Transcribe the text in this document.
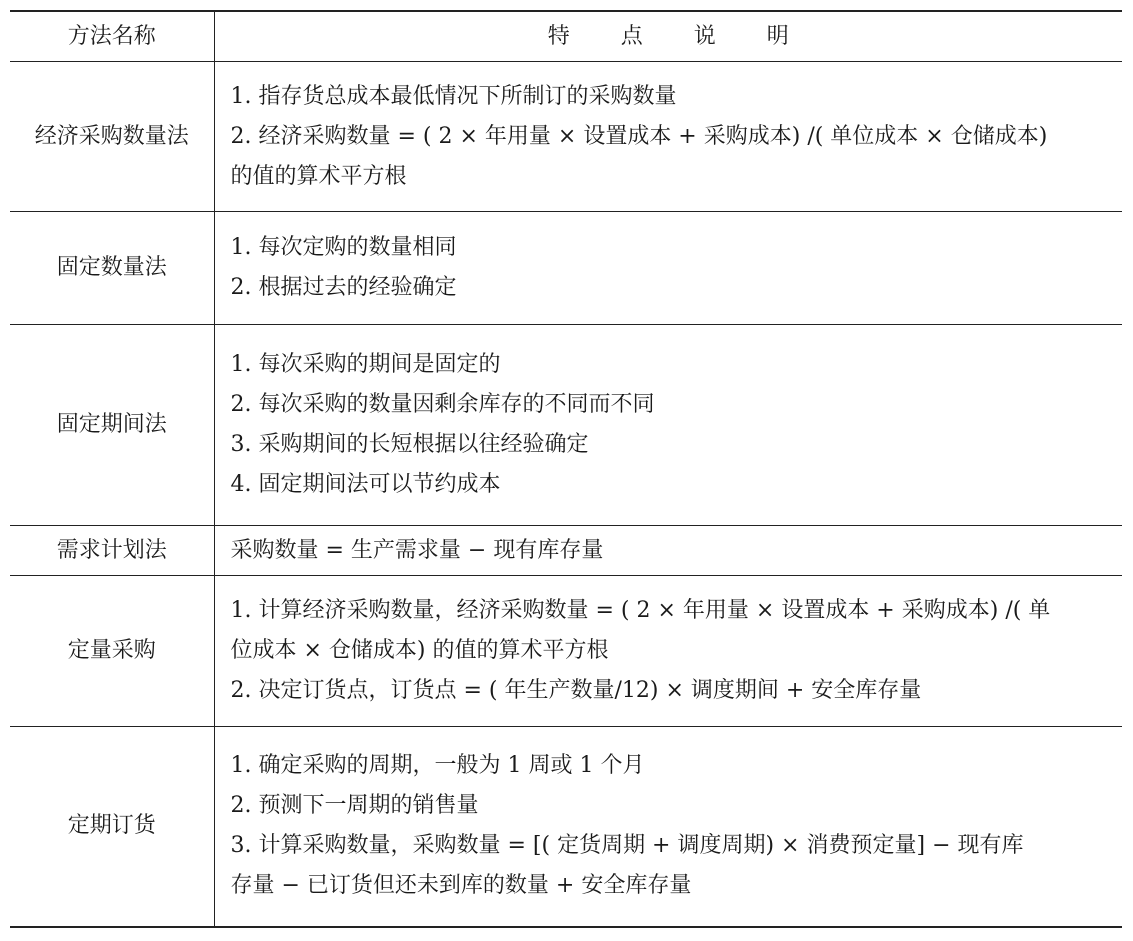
方法名称	特 点 说 明
经济采购数量法	1. 指存货总成本最低情况下所制订的采购数量
2. 经济采购数量 = ( 2 × 年用量 × 设置成本 + 采购成本) /( 单位成本 × 仓储成本)
的值的算术平方根

固定数量法	1. 每次定购的数量相同
2. 根据过去的经验确定

固定期间法	1. 每次采购的期间是固定的
2. 每次采购的数量因剩余库存的不同而不同
3. 采购期间的长短根据以往经验确定
4. 固定期间法可以节约成本

需求计划法	采购数量 = 生产需求量 − 现有库存量

定量采购	1. 计算经济采购数量，经济采购数量 = ( 2 × 年用量 × 设置成本 + 采购成本) /( 单
位成本 × 仓储成本) 的值的算术平方根
2. 决定订货点，订货点 = ( 年生产数量/12) × 调度期间 + 安全库存量

定期订货	1. 确定采购的周期，一般为 1 周或 1 个月
2. 预测下一周期的销售量
3. 计算采购数量，采购数量 = [( 定货周期 + 调度周期) × 消费预定量] − 现有库
存量 − 已订货但还未到库的数量 + 安全库存量
